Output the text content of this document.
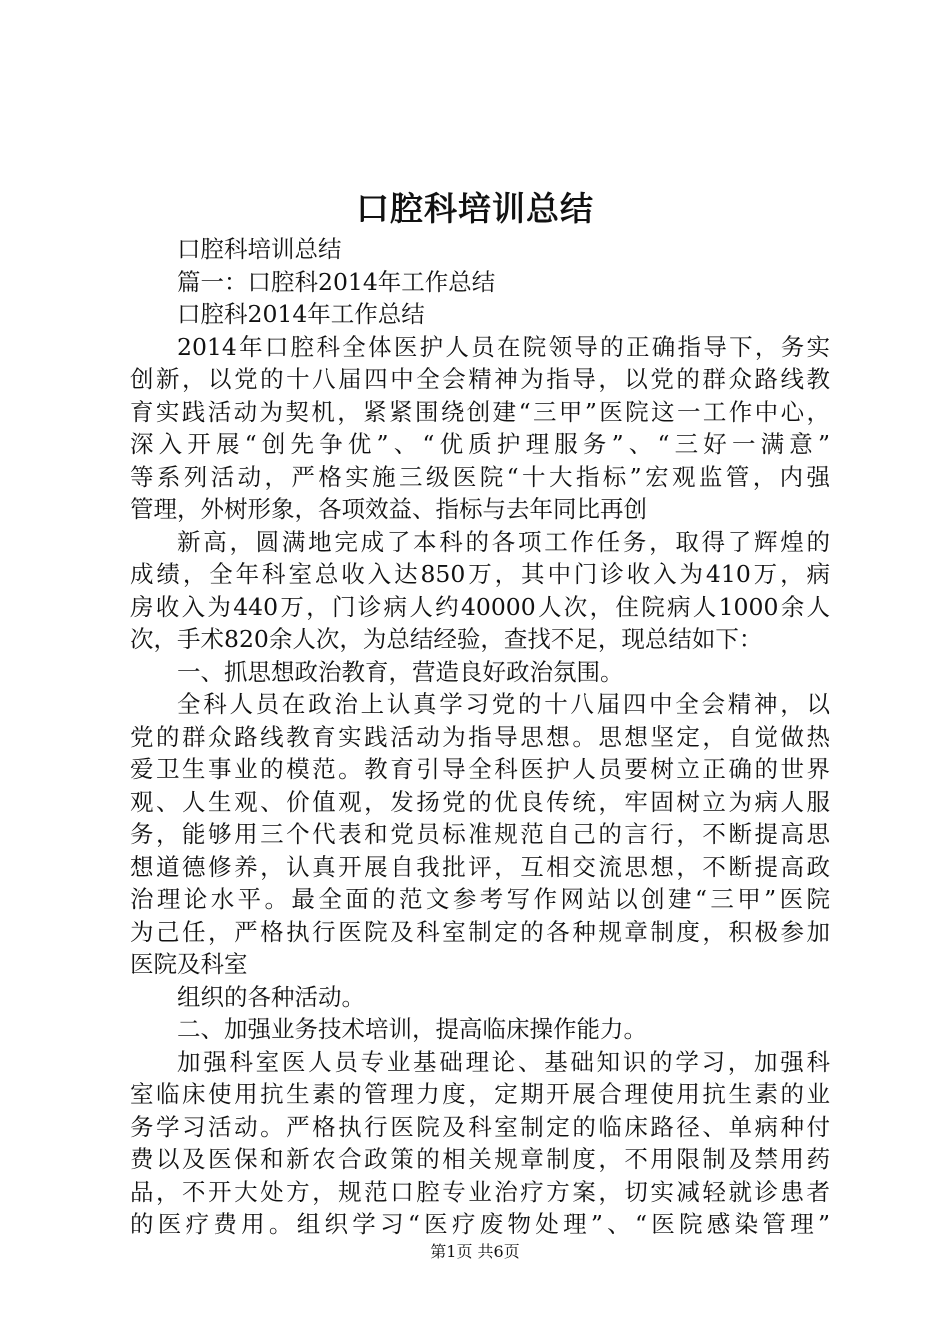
口腔科培训总结
口腔科培训总结
篇一：口腔科2014年工作总结
口腔科2014年工作总结
2014年口腔科全体医护人员在院领导的正确指导下，务实
创新，以党的十八届四中全会精神为指导，以党的群众路线教
育实践活动为契机，紧紧围绕创建“三甲”医院这一工作中心，
深入开展“创先争优”、“优质护理服务”、“三好一满意”
等系列活动，严格实施三级医院“十大指标”宏观监管，内强
管理，外树形象，各项效益、指标与去年同比再创
新高，圆满地完成了本科的各项工作任务，取得了辉煌的
成绩，全年科室总收入达850万，其中门诊收入为410万，病
房收入为440万，门诊病人约40000人次，住院病人1000余人
次，手术820余人次，为总结经验，查找不足，现总结如下：
一、抓思想政治教育，营造良好政治氛围。
全科人员在政治上认真学习党的十八届四中全会精神，以
党的群众路线教育实践活动为指导思想。思想坚定，自觉做热
爱卫生事业的模范。教育引导全科医护人员要树立正确的世界
观、人生观、价值观，发扬党的优良传统，牢固树立为病人服
务，能够用三个代表和党员标准规范自己的言行，不断提高思
想道德修养，认真开展自我批评，互相交流思想，不断提高政
治理论水平。最全面的范文参考写作网站以创建“三甲”医院
为己任，严格执行医院及科室制定的各种规章制度，积极参加
医院及科室
组织的各种活动。
二、加强业务技术培训，提高临床操作能力。
加强科室医人员专业基础理论、基础知识的学习，加强科
室临床使用抗生素的管理力度，定期开展合理使用抗生素的业
务学习活动。严格执行医院及科室制定的临床路径、单病种付
费以及医保和新农合政策的相关规章制度，不用限制及禁用药
品，不开大处方，规范口腔专业治疗方案，切实减轻就诊患者
的医疗费用。组织学习“医疗废物处理”、“医院感染管理”
第1页 共6页
